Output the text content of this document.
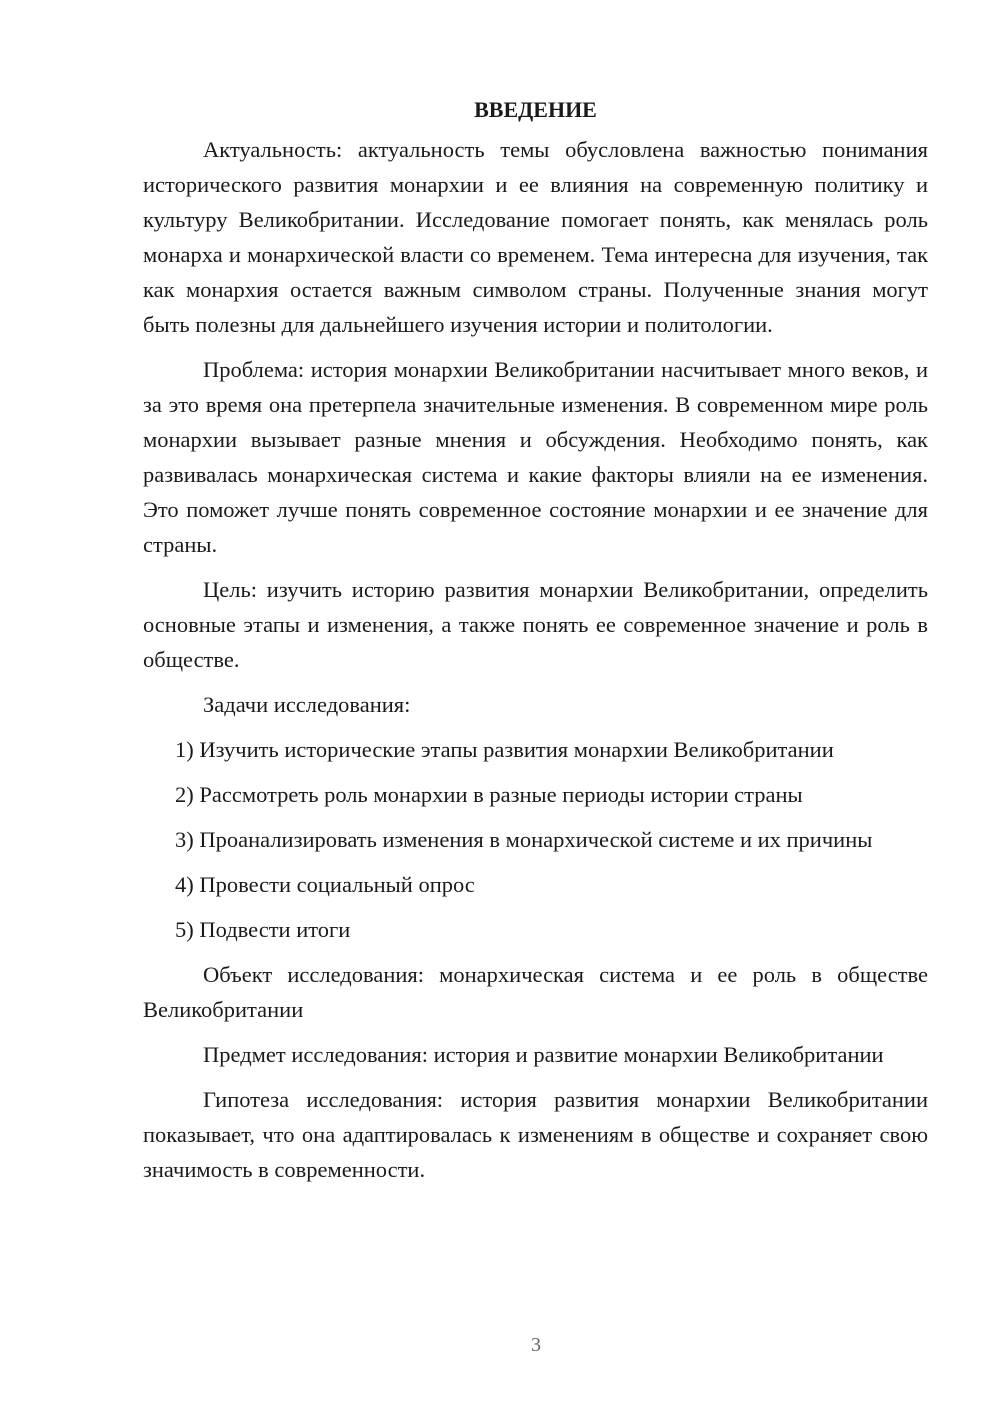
ВВЕДЕНИЕ

Актуальность: актуальность темы обусловлена важностью понимания исторического развития монархии и ее влияния на современную политику и культуру Великобритании. Исследование помогает понять, как менялась роль монарха и монархической власти со временем. Тема интересна для изучения, так как монархия остается важным символом страны. Полученные знания могут быть полезны для дальнейшего изучения истории и политологии.

Проблема: история монархии Великобритании насчитывает много веков, и за это время она претерпела значительные изменения. В современном мире роль монархии вызывает разные мнения и обсуждения. Необходимо понять, как развивалась монархическая система и какие факторы влияли на ее изменения. Это поможет лучше понять современное состояние монархии и ее значение для страны.

Цель: изучить историю развития монархии Великобритании, определить основные этапы и изменения, а также понять ее современное значение и роль в обществе.

Задачи исследования:

1) Изучить исторические этапы развития монархии Великобритании

2) Рассмотреть роль монархии в разные периоды истории страны

3) Проанализировать изменения в монархической системе и их причины

4) Провести социальный опрос

5) Подвести итоги

Объект исследования: монархическая система и ее роль в обществе Великобритании

Предмет исследования: история и развитие монархии Великобритании

Гипотеза исследования: история развития монархии Великобритании показывает, что она адаптировалась к изменениям в обществе и сохраняет свою значимость в современности.

3
